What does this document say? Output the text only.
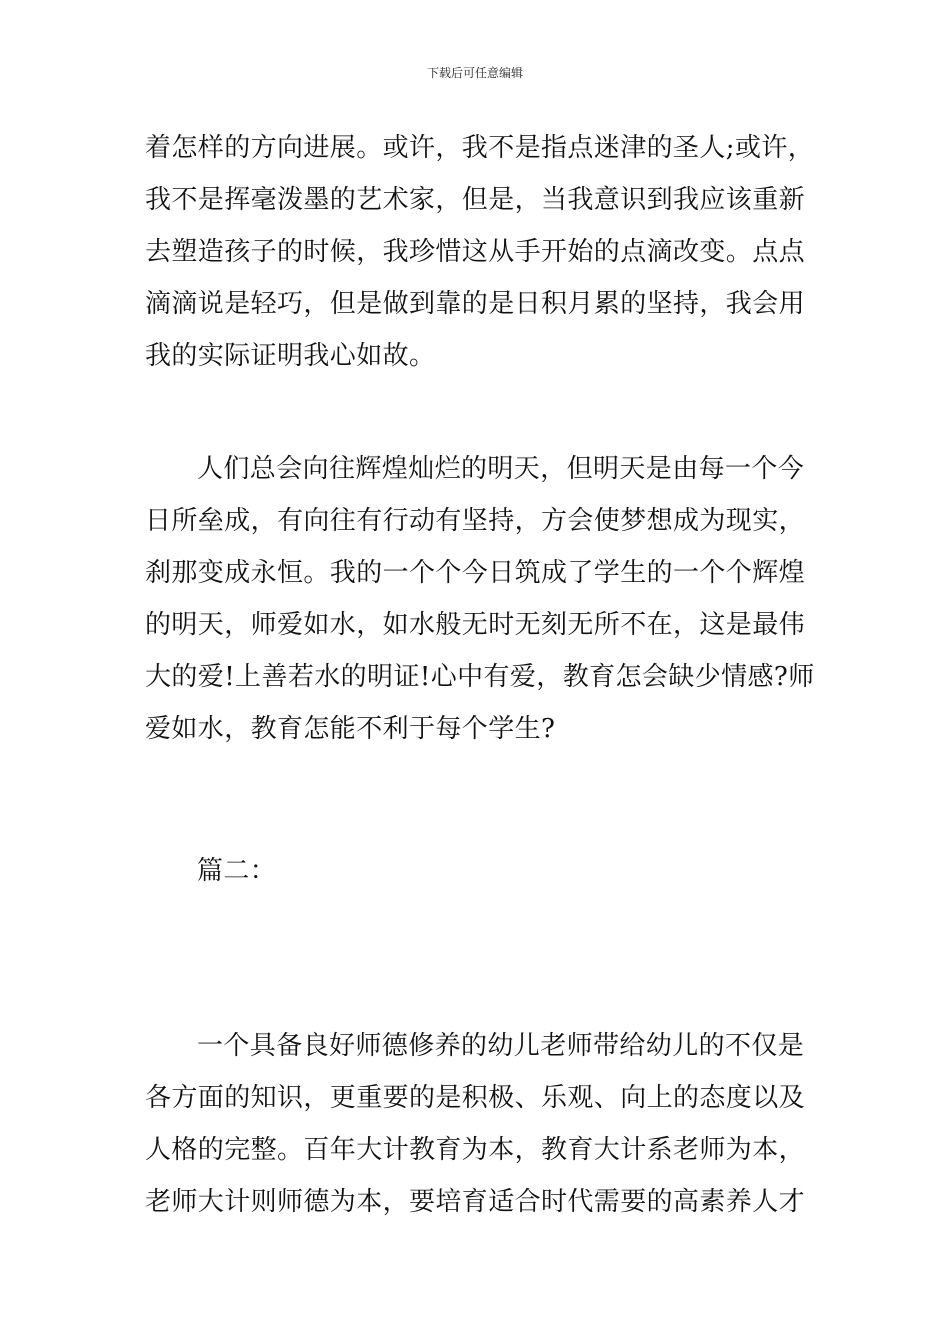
下载后可任意编辑
着怎样的方向进展。或许，我不是指点迷津的圣人;或许，
我不是挥毫泼墨的艺术家，但是，当我意识到我应该重新
去塑造孩子的时候，我珍惜这从手开始的点滴改变。点点
滴滴说是轻巧，但是做到靠的是日积月累的坚持，我会用
我的实际证明我心如故。
人们总会向往辉煌灿烂的明天，但明天是由每一个今
日所垒成，有向往有行动有坚持，方会使梦想成为现实，
刹那变成永恒。我的一个个今日筑成了学生的一个个辉煌
的明天，师爱如水，如水般无时无刻无所不在，这是最伟
大的爱!上善若水的明证!心中有爱，教育怎会缺少情感?师
爱如水，教育怎能不利于每个学生?
篇二：
一个具备良好师德修养的幼儿老师带给幼儿的不仅是
各方面的知识，更重要的是积极、乐观、向上的态度以及
人格的完整。百年大计教育为本，教育大计系老师为本，
老师大计则师德为本，要培育适合时代需要的高素养人才
